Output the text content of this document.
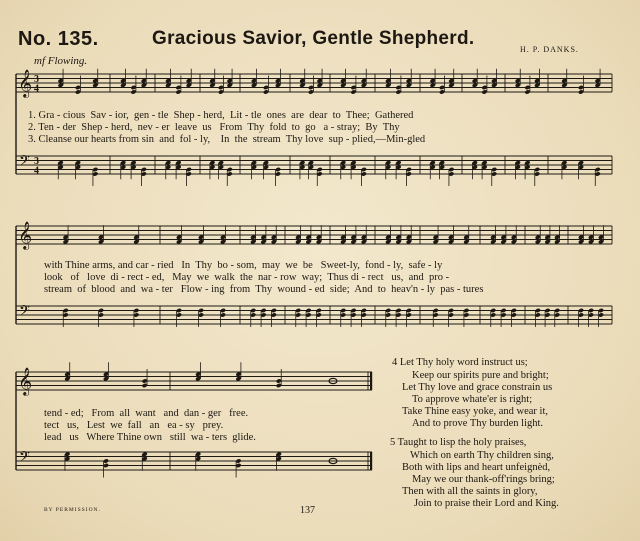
No. 135.	Gracious Savior, Gentle Shepherd.
H. P. DANKS.
mf Flowing.
𝄞
𝄢
3
4
3
4
𝄞
𝄢
𝄞
𝄢
1. Gra - cious  Sav - ior,  gen - tle  Shep - herd,  Lit - tle  ones  are  dear  to  Thee;  Gathered
2. Ten - der  Shep - herd,  nev - er  leave  us   From  Thy  fold  to  go   a - stray;  By  Thy
3. Cleanse our hearts from sin  and  fol - ly,    In  the  stream  Thy love  sup - plied,—Min-gled
with Thine arms, and car - ried   In  Thy  bo - som,  may  we  be   Sweet-ly,  fond - ly,  safe - ly
look   of   love  di - rect - ed,   May  we  walk  the  nar - row  way;  Thus di - rect   us,  and  pro -
stream  of  blood  and  wa - ter   Flow - ing  from  Thy  wound - ed  side;  And  to  heav'n - ly  pas - tures
tend - ed;   From  all  want   and  dan - ger   free.
tect   us,   Lest  we  fall   an   ea - sy   prey.
lead   us   Where Thine own   still  wa - ters  glide.
4 Let Thy holy word instruct us;
Keep our spirits pure and bright;
Let Thy love and grace constrain us
To approve whate'er is right;
Take Thine easy yoke, and wear it,
And to prove Thy burden light.
5 Taught to lisp the holy praises,
Which on earth Thy children sing,
Both with lips and heart unfeignèd,
May we our thank-off'rings bring;
Then with all the saints in glory,
Join to praise their Lord and King.
BY PERMISSION.	137
